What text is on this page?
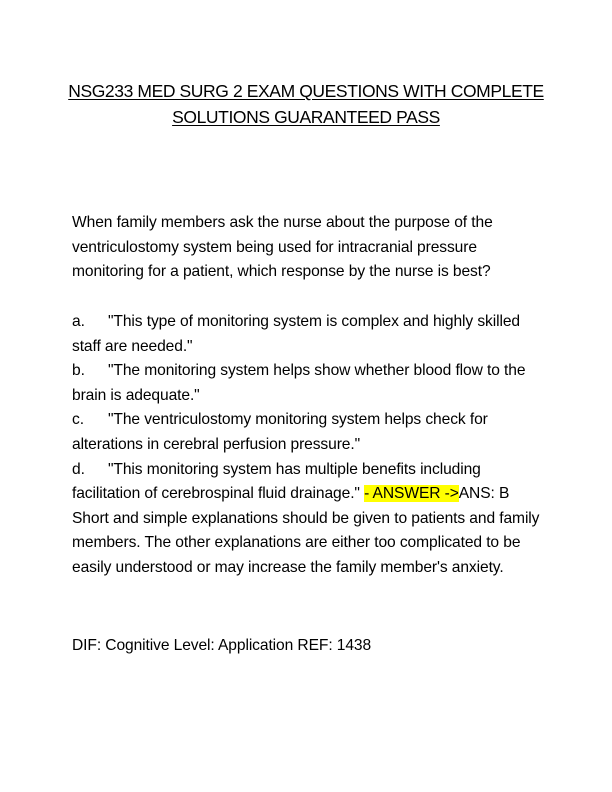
NSG233 MED SURG 2 EXAM QUESTIONS WITH COMPLETE SOLUTIONS GUARANTEED PASS

When family members ask the nurse about the purpose of the ventriculostomy system being used for intracranial pressure monitoring for a patient, which response by the nurse is best?

a. "This type of monitoring system is complex and highly skilled staff are needed."
b. "The monitoring system helps show whether blood flow to the brain is adequate."
c. "The ventriculostomy monitoring system helps check for alterations in cerebral perfusion pressure."
d. "This monitoring system has multiple benefits including facilitation of cerebrospinal fluid drainage." - ANSWER ->ANS: B Short and simple explanations should be given to patients and family members. The other explanations are either too complicated to be easily understood or may increase the family member's anxiety.

DIF: Cognitive Level: Application REF: 1438
